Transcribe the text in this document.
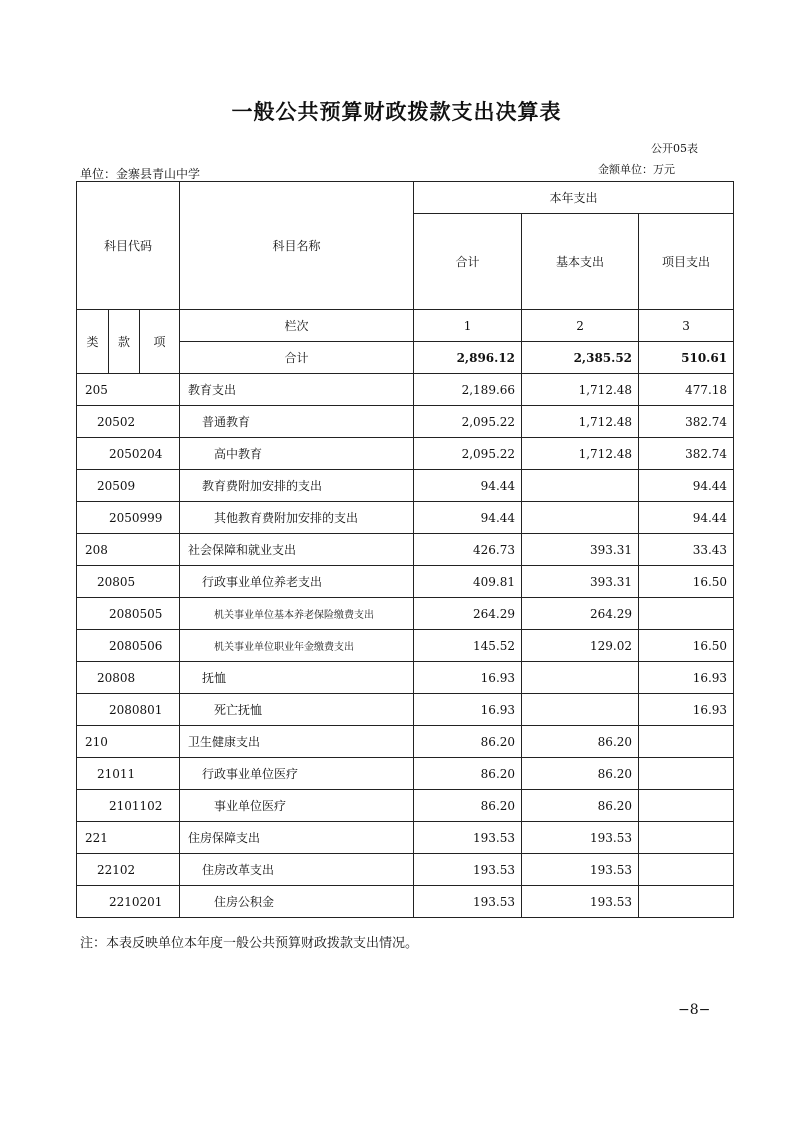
一般公共预算财政拨款支出决算表
公开05表
单位：金寨县青山中学	金额单位：万元
科目代码			科目名称	本年支出		
				合计	基本支出	项目支出
类	款	项	栏次	1	2	3
			合计	2,896.12	2,385.52	510.61
205			教育支出	2,189.66	1,712.48	477.18
20502			普通教育	2,095.22	1,712.48	382.74
2050204			高中教育	2,095.22	1,712.48	382.74
20509			教育费附加安排的支出	94.44		94.44
2050999			其他教育费附加安排的支出	94.44		94.44
208			社会保障和就业支出	426.73	393.31	33.43
20805			行政事业单位养老支出	409.81	393.31	16.50
2080505			机关事业单位基本养老保险缴费支出	264.29	264.29	
2080506			机关事业单位职业年金缴费支出	145.52	129.02	16.50
20808			抚恤	16.93		16.93
2080801			死亡抚恤	16.93		16.93
210			卫生健康支出	86.20	86.20	
21011			行政事业单位医疗	86.20	86.20	
2101102			事业单位医疗	86.20	86.20	
221			住房保障支出	193.53	193.53	
22102			住房改革支出	193.53	193.53	
2210201			住房公积金	193.53	193.53	
注：本表反映单位本年度一般公共预算财政拨款支出情况。
−8−
